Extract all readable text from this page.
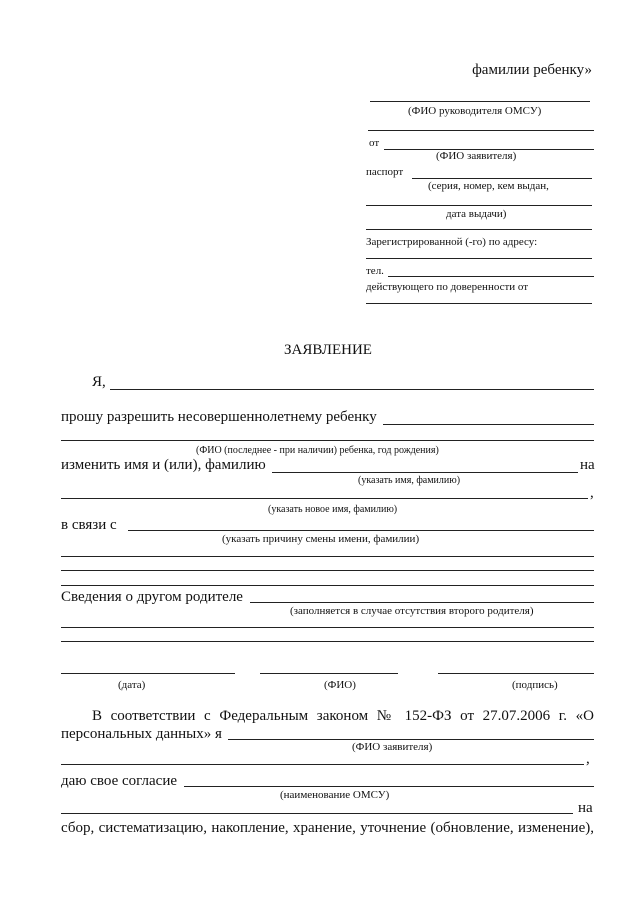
фамилии ребенку»
(ФИО руководителя ОМСУ)
от
(ФИО заявителя)
паспорт
(серия, номер, кем выдан,
дата выдачи)
Зарегистрированной (-го) по адресу:
тел.
действующего по доверенности от
ЗАЯВЛЕНИЕ
Я,
прошу разрешить несовершеннолетнему ребенку
(ФИО (последнее - при наличии) ребенка, год рождения)
изменить имя и (или), фамилию	на
(указать имя, фамилию)
,
(указать новое имя, фамилию)
в связи с
(указать причину смены имени, фамилии)
Сведения о другом родителе
(заполняется в случае отсутствия второго родителя)
(дата)	(ФИО)	(подпись)
В соответствии с Федеральным законом № 152-ФЗ от 27.07.2006 г. «О
персональных данных» я
(ФИО заявителя)
,
даю свое согласие
(наименование ОМСУ)
на
сбор, систематизацию, накопление, хранение, уточнение (обновление, изменение),
